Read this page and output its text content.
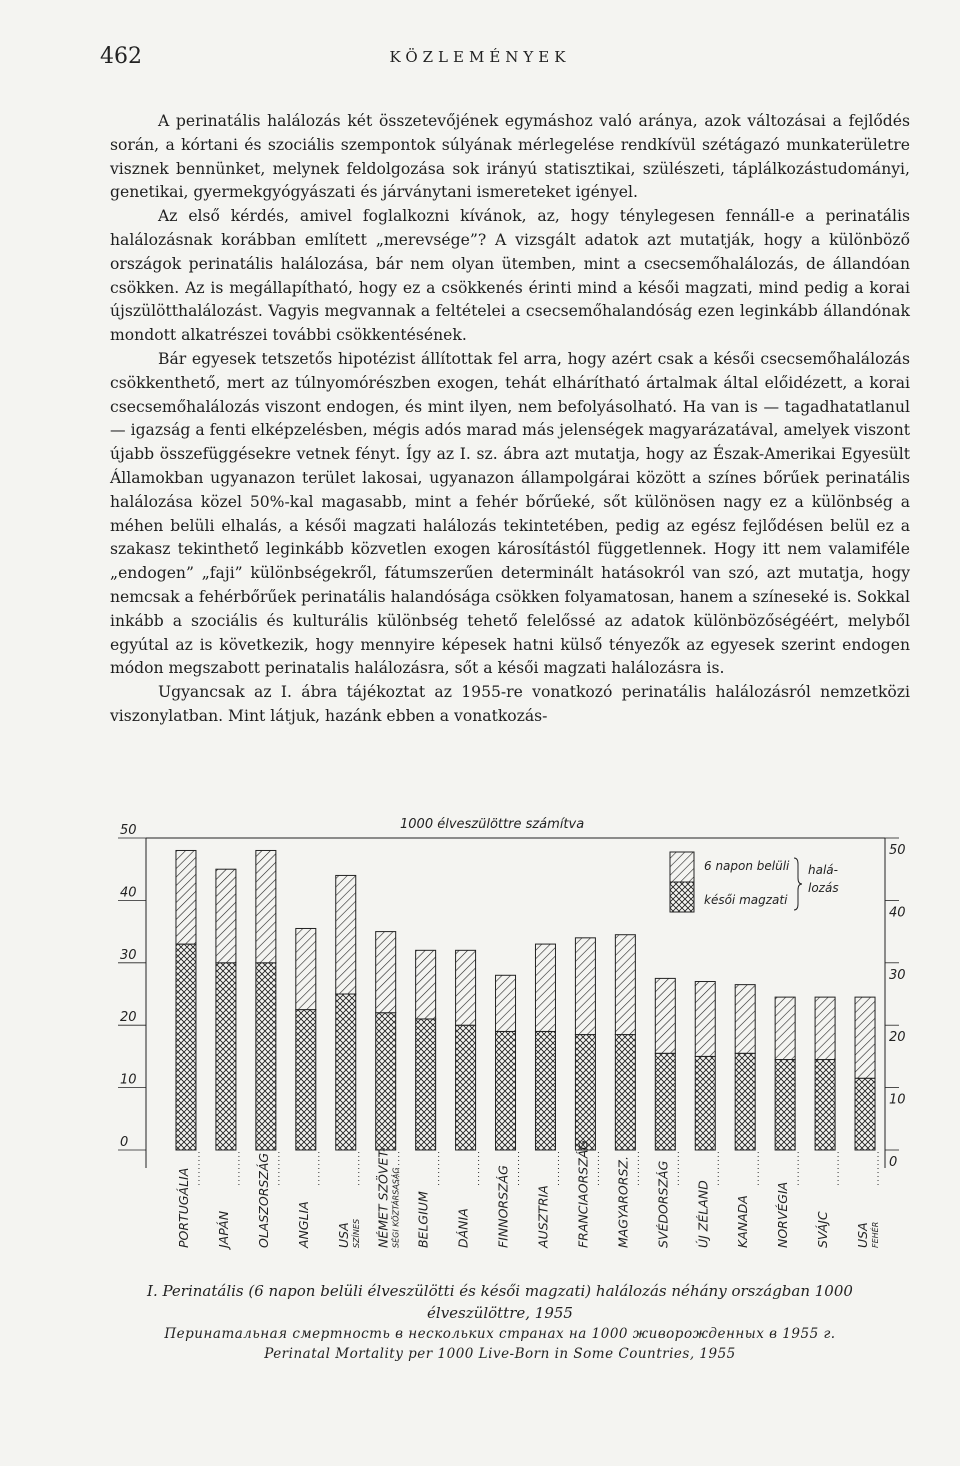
462	KÖZLEMÉNYEK

A perinatális halálozás két összetevőjének egymáshoz való aránya, azok változásai a fejlődés során, a kórtani és szociális szempontok súlyának mérlegelése rendkívül szétágazó munkaterületre visznek bennünket, melynek feldolgozása sok irányú statisztikai, szülészeti, táplálkozástudományi, genetikai, gyermekgyógyászati és járványtani ismereteket igényel.

Az első kérdés, amivel foglalkozni kívánok, az, hogy ténylegesen fennáll-e a perinatális halálozásnak korábban említett „merevsége”? A vizsgált adatok azt mutatják, hogy a különböző országok perinatális halálozása, bár nem olyan ütemben, mint a csecsemőhalálozás, de állandóan csökken. Az is megállapítható, hogy ez a csökkenés érinti mind a késői magzati, mind pedig a korai újszülötthalálozást. Vagyis megvannak a feltételei a csecsemőhalandóság ezen leginkább állandónak mondott alkatrészei további csökkentésének.

Bár egyesek tetszetős hipotézist állítottak fel arra, hogy azért csak a késői csecsemőhalálozás csökkenthető, mert az túlnyomórészben exogen, tehát elhárítható ártalmak által előidézett, a korai csecsemőhalálozás viszont endogen, és mint ilyen, nem befolyásolható. Ha van is — tagadhatatlanul — igazság a fenti elképzelésben, mégis adós marad más jelenségek magyarázatával, amelyek viszont újabb összefüggésekre vetnek fényt. Így az I. sz. ábra azt mutatja, hogy az Észak-Amerikai Egyesült Államokban ugyanazon terület lakosai, ugyanazon állampolgárai között a színes bőrűek perinatális halálozása közel 50%-kal magasabb, mint a fehér bőrűeké, sőt különösen nagy ez a különbség a méhen belüli elhalás, a késői magzati halálozás tekintetében, pedig az egész fejlődésen belül ez a szakasz tekinthető leginkább közvetlen exogen károsítástól függetlennek. Hogy itt nem valamiféle „endogen” „faji” különbségekről, fátumszerűen determinált hatásokról van szó, azt mutatja, hogy nemcsak a fehérbőrűek perinatális halandósága csökken folyamatosan, hanem a színeseké is. Sokkal inkább a szociális és kulturális különbség tehető felelőssé az adatok különbözőségéért, melyből egyútal az is következik, hogy mennyire képesek hatni külső tényezők az egyesek szerint endogen módon megszabott perinatalis halálozásra, sőt a késői magzati halálozásra is.

Ugyancsak az I. ábra tájékoztat az 1955-re vonatkozó perinatális halálozásról nemzetközi viszonylatban. Mint látjuk, hazánk ebben a vonatkozás-

1000 élveszülöttre számítva
0
0
10
10
20
20
30
30
40
40
50
50
PORTUGÁLIA JAPÁN OLASZORSZÁG ANGLIA USA SZÍNES NÉMET SZÖVET- SÉGI KÖZTÁRSASÁG BELGIUM DÁNIA FINNORSZÁG AUSZTRIA FRANCIAORSZÁG MAGYARORSZ. SVÉDORSZÁG ÚJ ZÉLAND KANADA NORVÉGIA SVÁJC USA FEHÉR
6 napon belüli
késői magzati
halá-
lozás
I. Perinatális (6 napon belüli élveszülötti és késői magzati) halálozás néhány országban 1000 élveszülöttre, 1955
Перинатальная смертность в нескольких странах на 1000 живорожденных в 1955 г.
Perinatal Mortality per 1000 Live-Born in Some Countries, 1955
